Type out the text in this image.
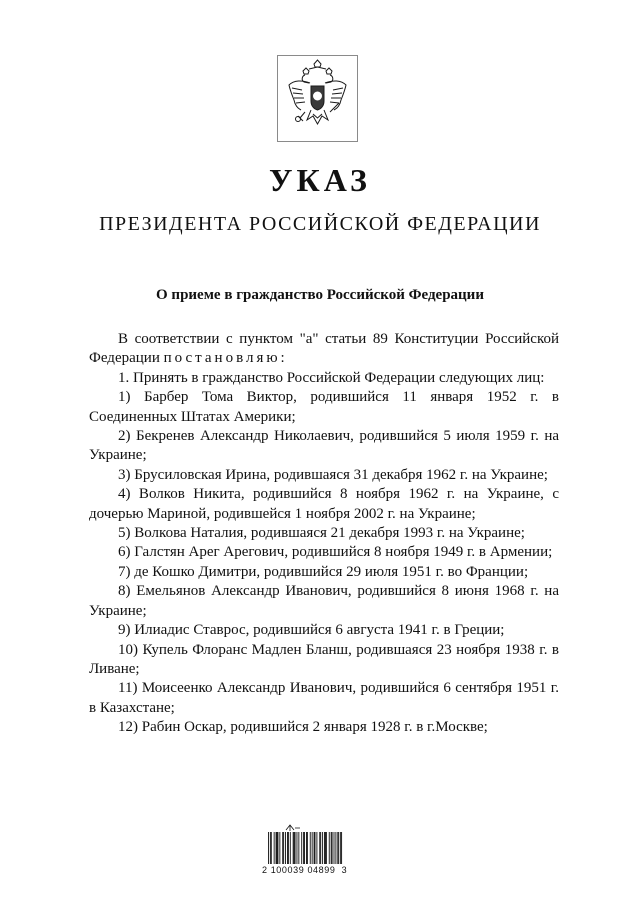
УКАЗ
ПРЕЗИДЕНТА РОССИЙСКОЙ ФЕДЕРАЦИИ
О приеме в гражданство Российской Федерации

В соответствии с пунктом "а" статьи 89 Конституции Российской Федерации постановляю:

1. Принять в гражданство Российской Федерации следующих лиц:

1) Барбер Тома Виктор, родившийся 11 января 1952 г. в Соединенных Штатах Америки;

2) Бекренев Александр Николаевич, родившийся 5 июля 1959 г. на Украине;

3) Брусиловская Ирина, родившаяся 31 декабря 1962 г. на Украине;

4) Волков Никита, родившийся 8 ноября 1962 г. на Украине, с дочерью Мариной, родившейся 1 ноября 2002 г. на Украине;

5) Волкова Наталия, родившаяся 21 декабря 1993 г. на Украине;

6) Галстян Арег Арегович, родившийся 8 ноября 1949 г. в Армении;

7) де Кошко Димитри, родившийся 29 июля 1951 г. во Франции;

8) Емельянов Александр Иванович, родившийся 8 июня 1968 г. на Украине;

9) Илиадис Ставрос, родившийся 6 августа 1941 г. в Греции;

10) Купель Флоранс Мадлен Бланш, родившаяся 23 ноября 1938 г. в Ливане;

11) Моисеенко Александр Иванович, родившийся 6 сентября 1951 г. в Казахстане;

12) Рабин Оскар, родившийся 2 января 1928 г. в г.Москве;

2 100039 04899  3
